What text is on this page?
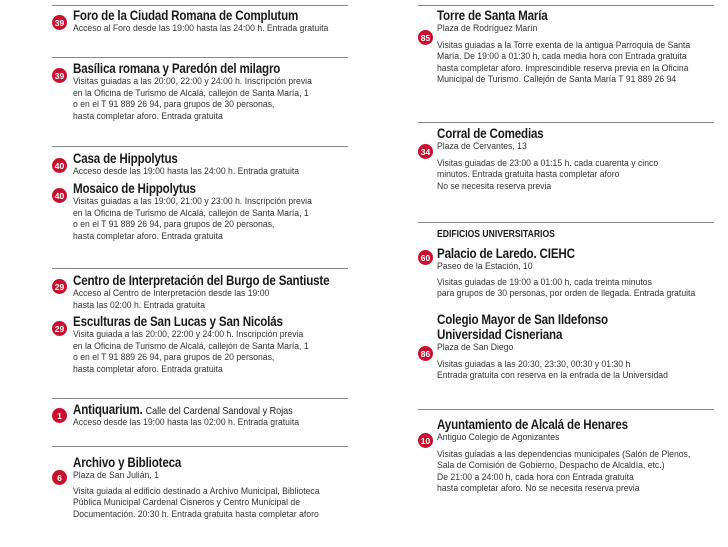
39 Foro de la Ciudad Romana de Complutum
Acceso al Foro desde las 19:00 hasta las 24:00 h. Entrada gratuita
39 Basílica romana y Paredón del milagro
Visitas guiadas a las 20:00, 22:00 y 24:00 h. Inscripción previa
en la Oficina de Turismo de Alcalá, callejón de Santa María, 1
o en el T 91 889 26 94, para grupos de 30 personas,
hasta completar aforo. Entrada gratuita
40 Casa de Hippolytus
Acceso desde las 19:00 hasta las 24:00 h. Entrada gratuita
40 Mosaico de Hippolytus
Visitas guiadas a las 19:00, 21:00 y 23:00 h. Inscripción previa
en la Oficina de Turismo de Alcalá, callejón de Santa María, 1
o en el T 91 889 26 94, para grupos de 20 personas,
hasta completar aforo. Entrada gratuita
29 Centro de Interpretación del Burgo de Santiuste
Acceso al Centro de Interpretación desde las 19:00
hasta las 02:00 h. Entrada gratuita
29 Esculturas de San Lucas y San Nicolás
Visita guiada a las 20:00, 22:00 y 24:00 h. Inscripción previa
en la Oficina de Turismo de Alcalá, callejón de Santa María, 1
o en el T 91 889 26 94, para grupos de 20 personas,
hasta completar aforo. Entrada gratuita
1 Antiquarium. Calle del Cardenal Sandoval y Rojas
Acceso desde las 19:00 hasta las 02:00 h. Entrada gratuita
6
Archivo y Biblioteca
Plaza de San Julián, 1
Visita guiada al edificio destinado a Archivo Municipal, Biblioteca
Pública Municipal Cardenal Cisneros y Centro Municipal de
Documentación. 20:30 h. Entrada gratuita hasta completar aforo
85
Torre de Santa María
Plaza de Rodríguez Marín
Visitas guiadas a la Torre exenta de la antigua Parroquia de Santa
María. De 19:00 a 01:30 h, cada media hora con Entrada gratuita
hasta completar aforo. Imprescindible reserva previa en la Oficina
Municipal de Turismo. Callejón de Santa María T 91 889 26 94
34
Corral de Comedias
Plaza de Cervantes, 13
Visitas guiadas de 23:00 a 01:15 h. cada cuarenta y cinco
minutos. Entrada gratuita hasta completar aforo
No se necesita reserva previa
EDIFICIOS UNIVERSITARIOS
60 Palacio de Laredo. CIEHC
Paseo de la Estación, 10
Visitas guiadas de 19:00 a 01:00 h, cada treinta minutos
para grupos de 30 personas, por orden de llegada. Entrada gratuita
86
Colegio Mayor de San Ildefonso
Universidad Cisneriana
Plaza de San Diego
Visitas guiadas a las 20:30, 23:30, 00:30 y 01:30 h
Entrada gratuita con reserva en la entrada de la Universidad
10
Ayuntamiento de Alcalá de Henares
Antiguo Colegio de Agonizantes
Visitas guiadas a las dependencias municipales (Salón de Plenos,
Sala de Comisión de Gobierno, Despacho de Alcaldía, etc.)
De 21:00 a 24:00 h, cada hora con Entrada gratuita
hasta completar aforo. No se necesita reserva previa
